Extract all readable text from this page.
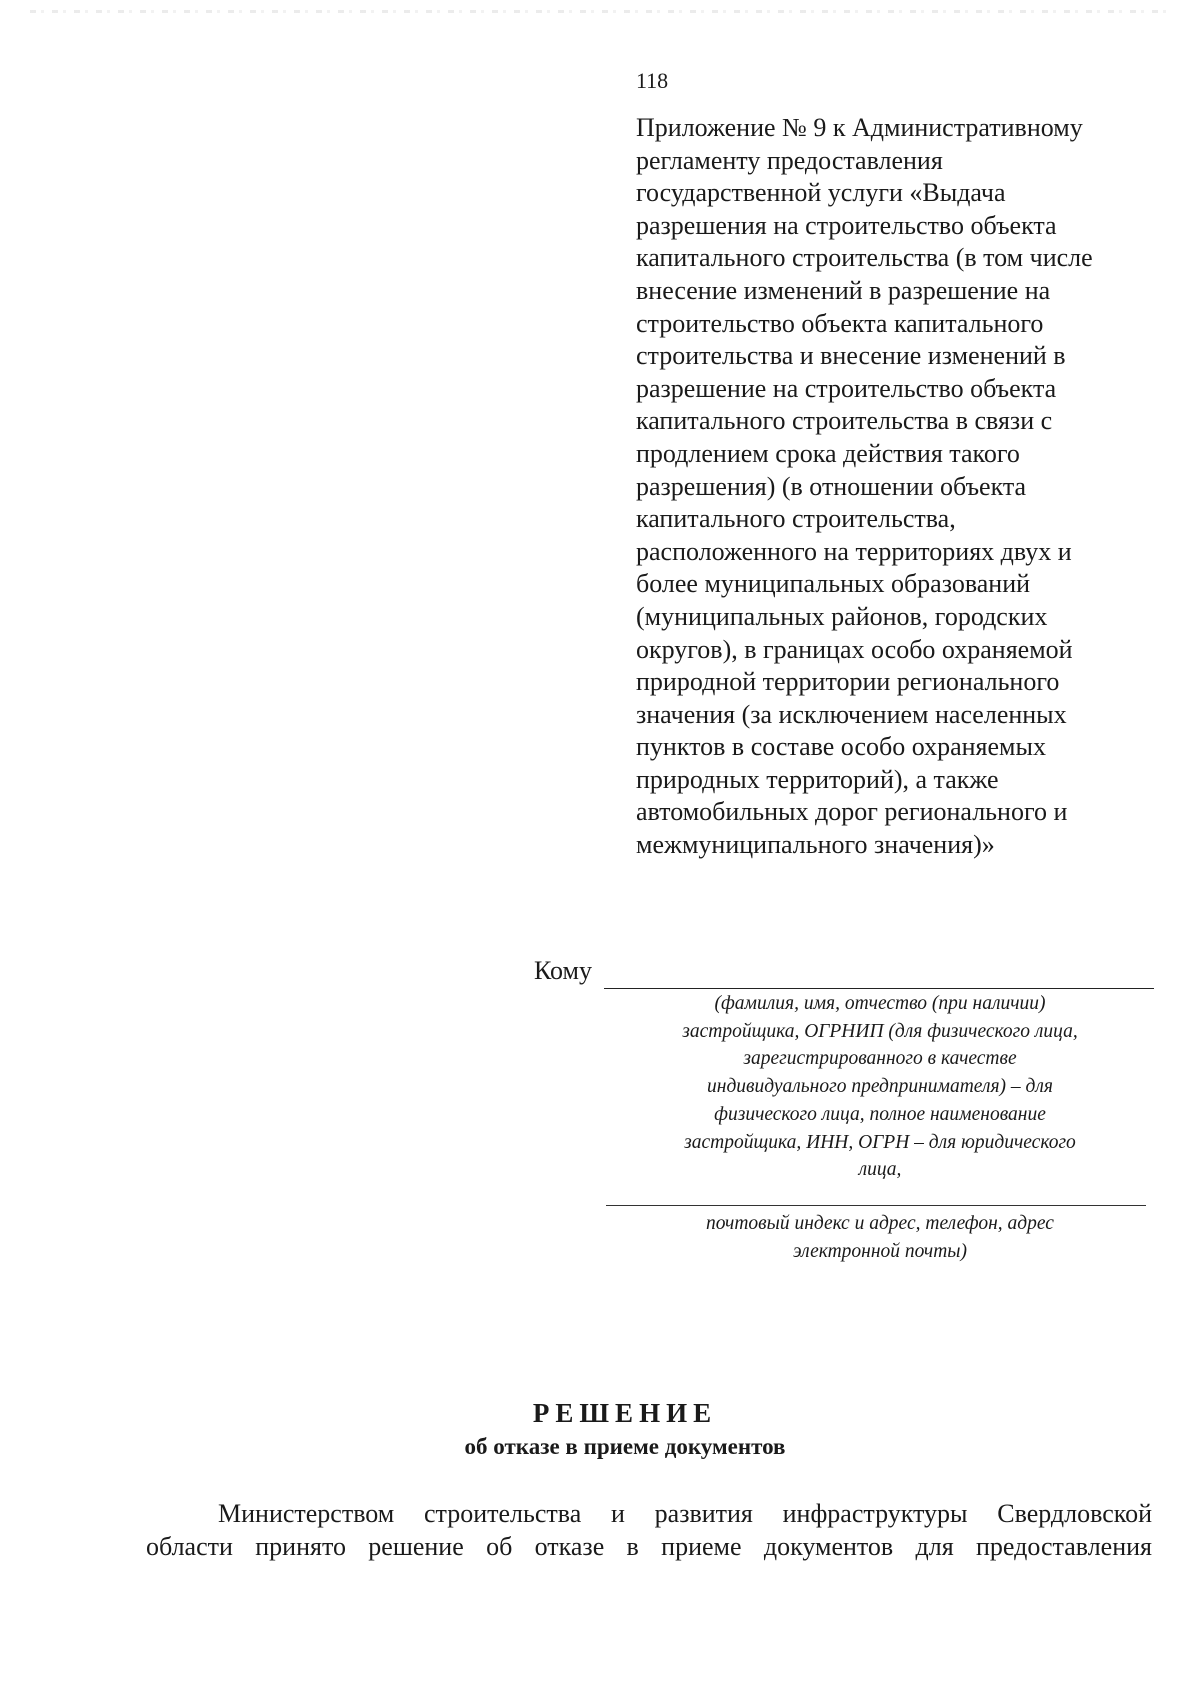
118
Приложение № 9 к Административному
регламенту предоставления
государственной услуги «Выдача
разрешения на строительство объекта
капитального строительства (в том числе
внесение изменений в разрешение на
строительство объекта капитального
строительства и внесение изменений в
разрешение на строительство объекта
капитального строительства в связи с
продлением срока действия такого
разрешения) (в отношении объекта
капитального строительства,
расположенного на территориях двух и
более муниципальных образований
(муниципальных районов, городских
округов), в границах особо охраняемой
природной территории регионального
значения (за исключением населенных
пунктов в составе особо охраняемых
природных территорий), а также
автомобильных дорог регионального и
межмуниципального значения)»
Кому
(фамилия, имя, отчество (при наличии)
застройщика, ОГРНИП (для физического лица,
зарегистрированного в качестве
индивидуального предпринимателя) – для
физического лица, полное наименование
застройщика, ИНН, ОГРН – для юридического
лица,
почтовый индекс и адрес, телефон, адрес
электронной почты)
РЕШЕНИЕ
об отказе в приеме документов
Министерством строительства и развития инфраструктуры Свердловской
области принято решение об отказе в приеме документов для предоставления
